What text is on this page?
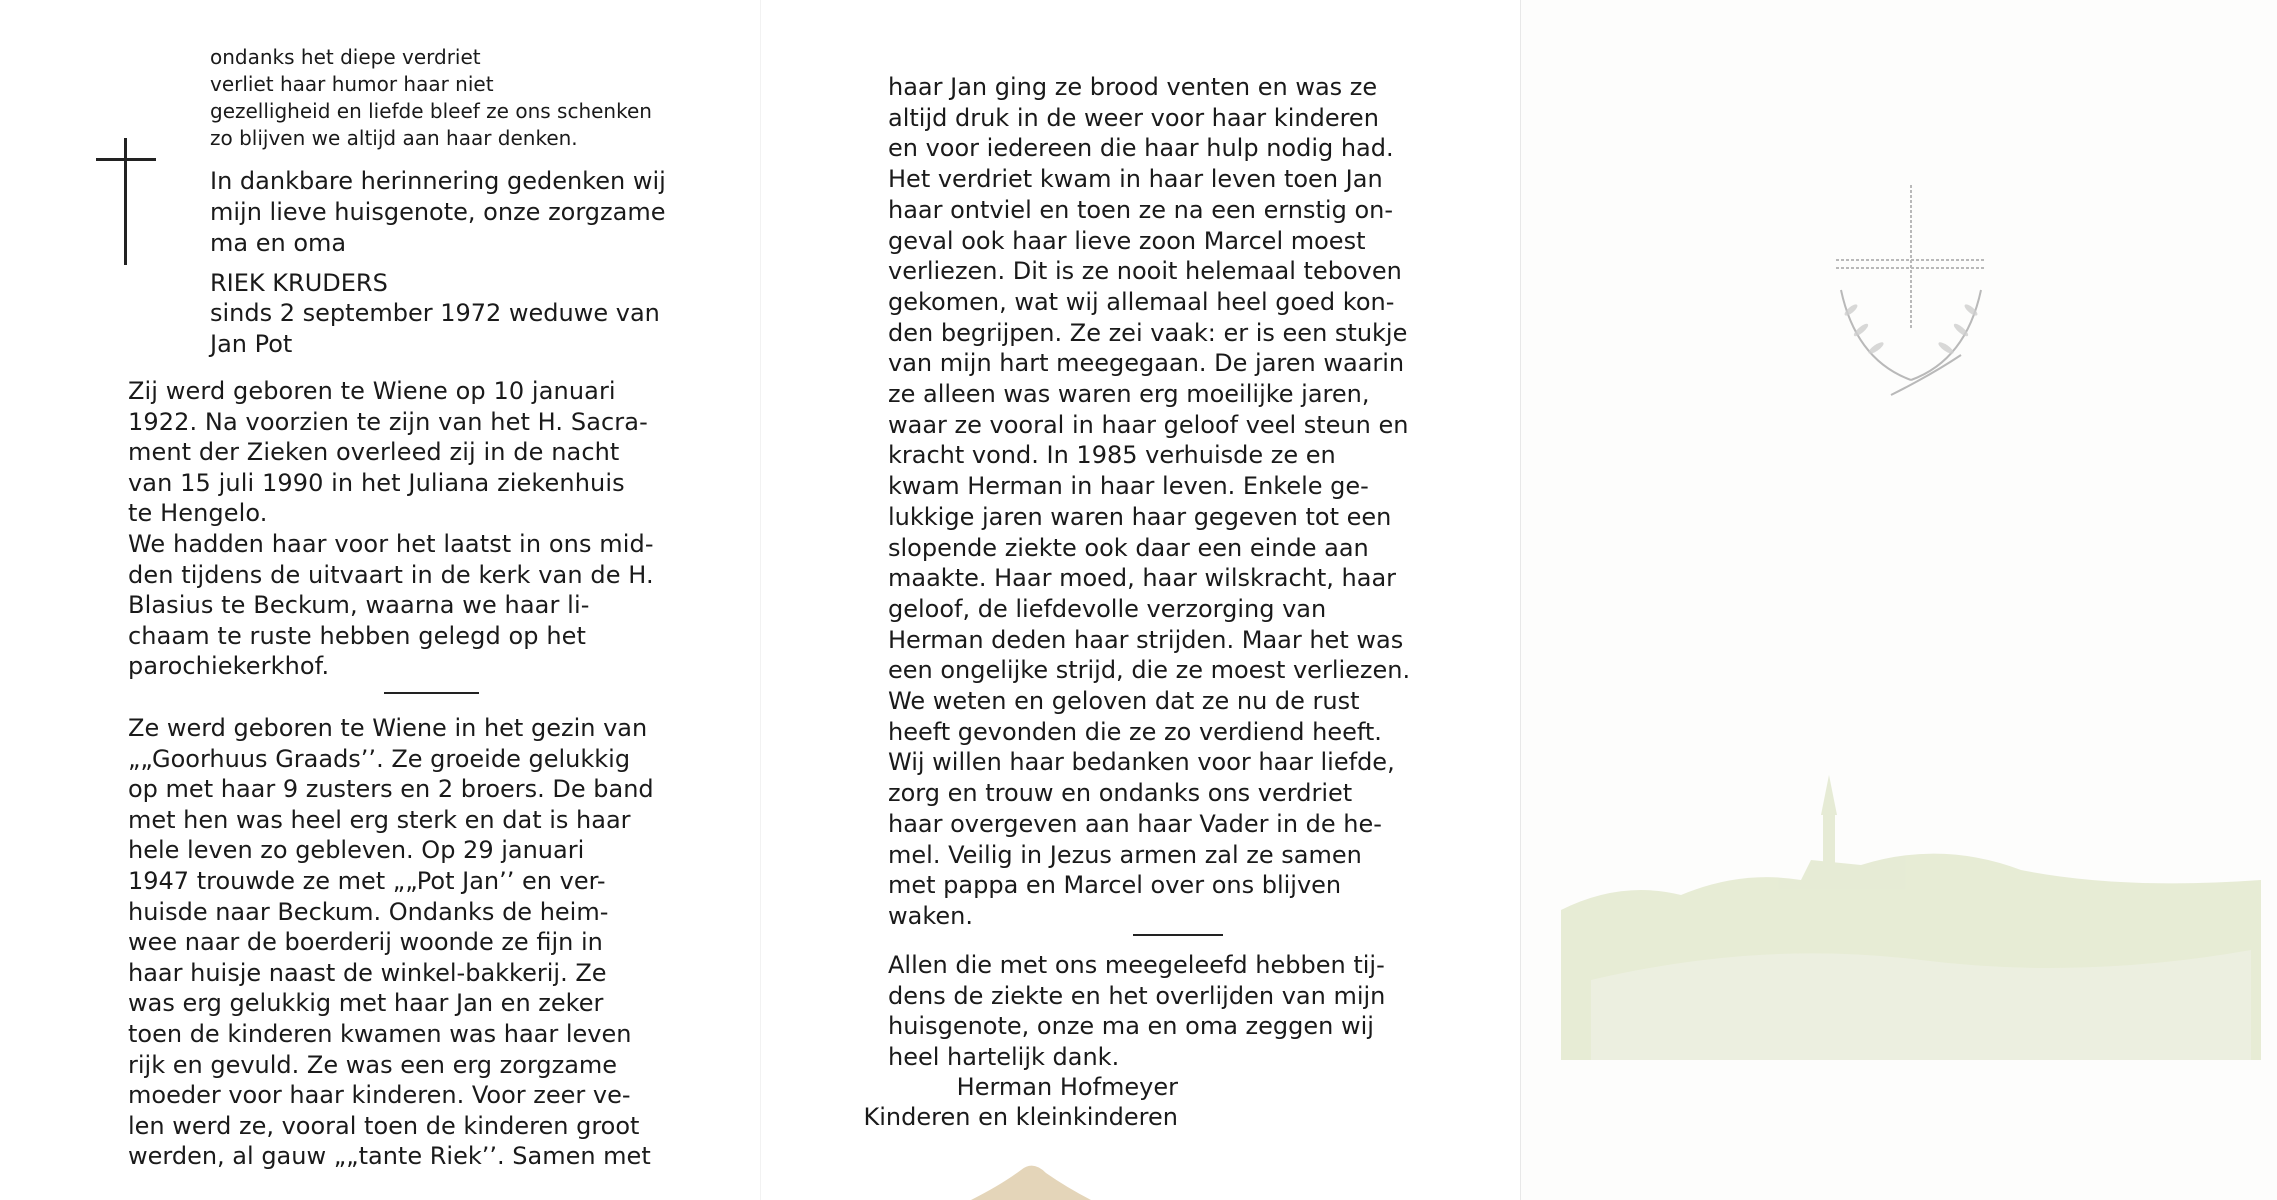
ondanks het diepe verdriet
verliet haar humor haar niet
gezelligheid en liefde bleef ze ons schenken
zo blijven we altijd aan haar denken.

In dankbare herinnering gedenken wij
mijn lieve huisgenote, onze zorgzame
ma en oma

RIEK KRUDERS

sinds 2 september 1972 weduwe van
Jan Pot

Zij werd geboren te Wiene op 10 januari
1922. Na voorzien te zijn van het H. Sacra-
ment der Zieken overleed zij in de nacht
van 15 juli 1990 in het Juliana ziekenhuis
te Hengelo.
We hadden haar voor het laatst in ons mid-
den tijdens de uitvaart in de kerk van de H.
Blasius te Beckum, waarna we haar li-
chaam te ruste hebben gelegd op het
parochiekerkhof.

Ze werd geboren te Wiene in het gezin van
„„Goorhuus Graads’’. Ze groeide gelukkig
op met haar 9 zusters en 2 broers. De band
met hen was heel erg sterk en dat is haar
hele leven zo gebleven. Op 29 januari
1947 trouwde ze met „„Pot Jan’’ en ver-
huisde naar Beckum. Ondanks de heim-
wee naar de boerderij woonde ze fijn in
haar huisje naast de winkel-bakkerij. Ze
was erg gelukkig met haar Jan en zeker
toen de kinderen kwamen was haar leven
rijk en gevuld. Ze was een erg zorgzame
moeder voor haar kinderen. Voor zeer ve-
len werd ze, vooral toen de kinderen groot
werden, al gauw „„tante Riek’’. Samen met

haar Jan ging ze brood venten en was ze
altijd druk in de weer voor haar kinderen
en voor iedereen die haar hulp nodig had.
Het verdriet kwam in haar leven toen Jan
haar ontviel en toen ze na een ernstig on-
geval ook haar lieve zoon Marcel moest
verliezen. Dit is ze nooit helemaal teboven
gekomen, wat wij allemaal heel goed kon-
den begrijpen. Ze zei vaak: er is een stukje
van mijn hart meegegaan. De jaren waarin
ze alleen was waren erg moeilijke jaren,
waar ze vooral in haar geloof veel steun en
kracht vond. In 1985 verhuisde ze en
kwam Herman in haar leven. Enkele ge-
lukkige jaren waren haar gegeven tot een
slopende ziekte ook daar een einde aan
maakte. Haar moed, haar wilskracht, haar
geloof, de liefdevolle verzorging van
Herman deden haar strijden. Maar het was
een ongelijke strijd, die ze moest verliezen.
We weten en geloven dat ze nu de rust
heeft gevonden die ze zo verdiend heeft.
Wij willen haar bedanken voor haar liefde,
zorg en trouw en ondanks ons verdriet
haar overgeven aan haar Vader in de he-
mel. Veilig in Jezus armen zal ze samen
met pappa en Marcel over ons blijven
waken.

Allen die met ons meegeleefd hebben tij-
dens de ziekte en het overlijden van mijn
huisgenote, onze ma en oma zeggen wij
heel hartelijk dank.

Herman Hofmeyer

Kinderen en kleinkinderen
